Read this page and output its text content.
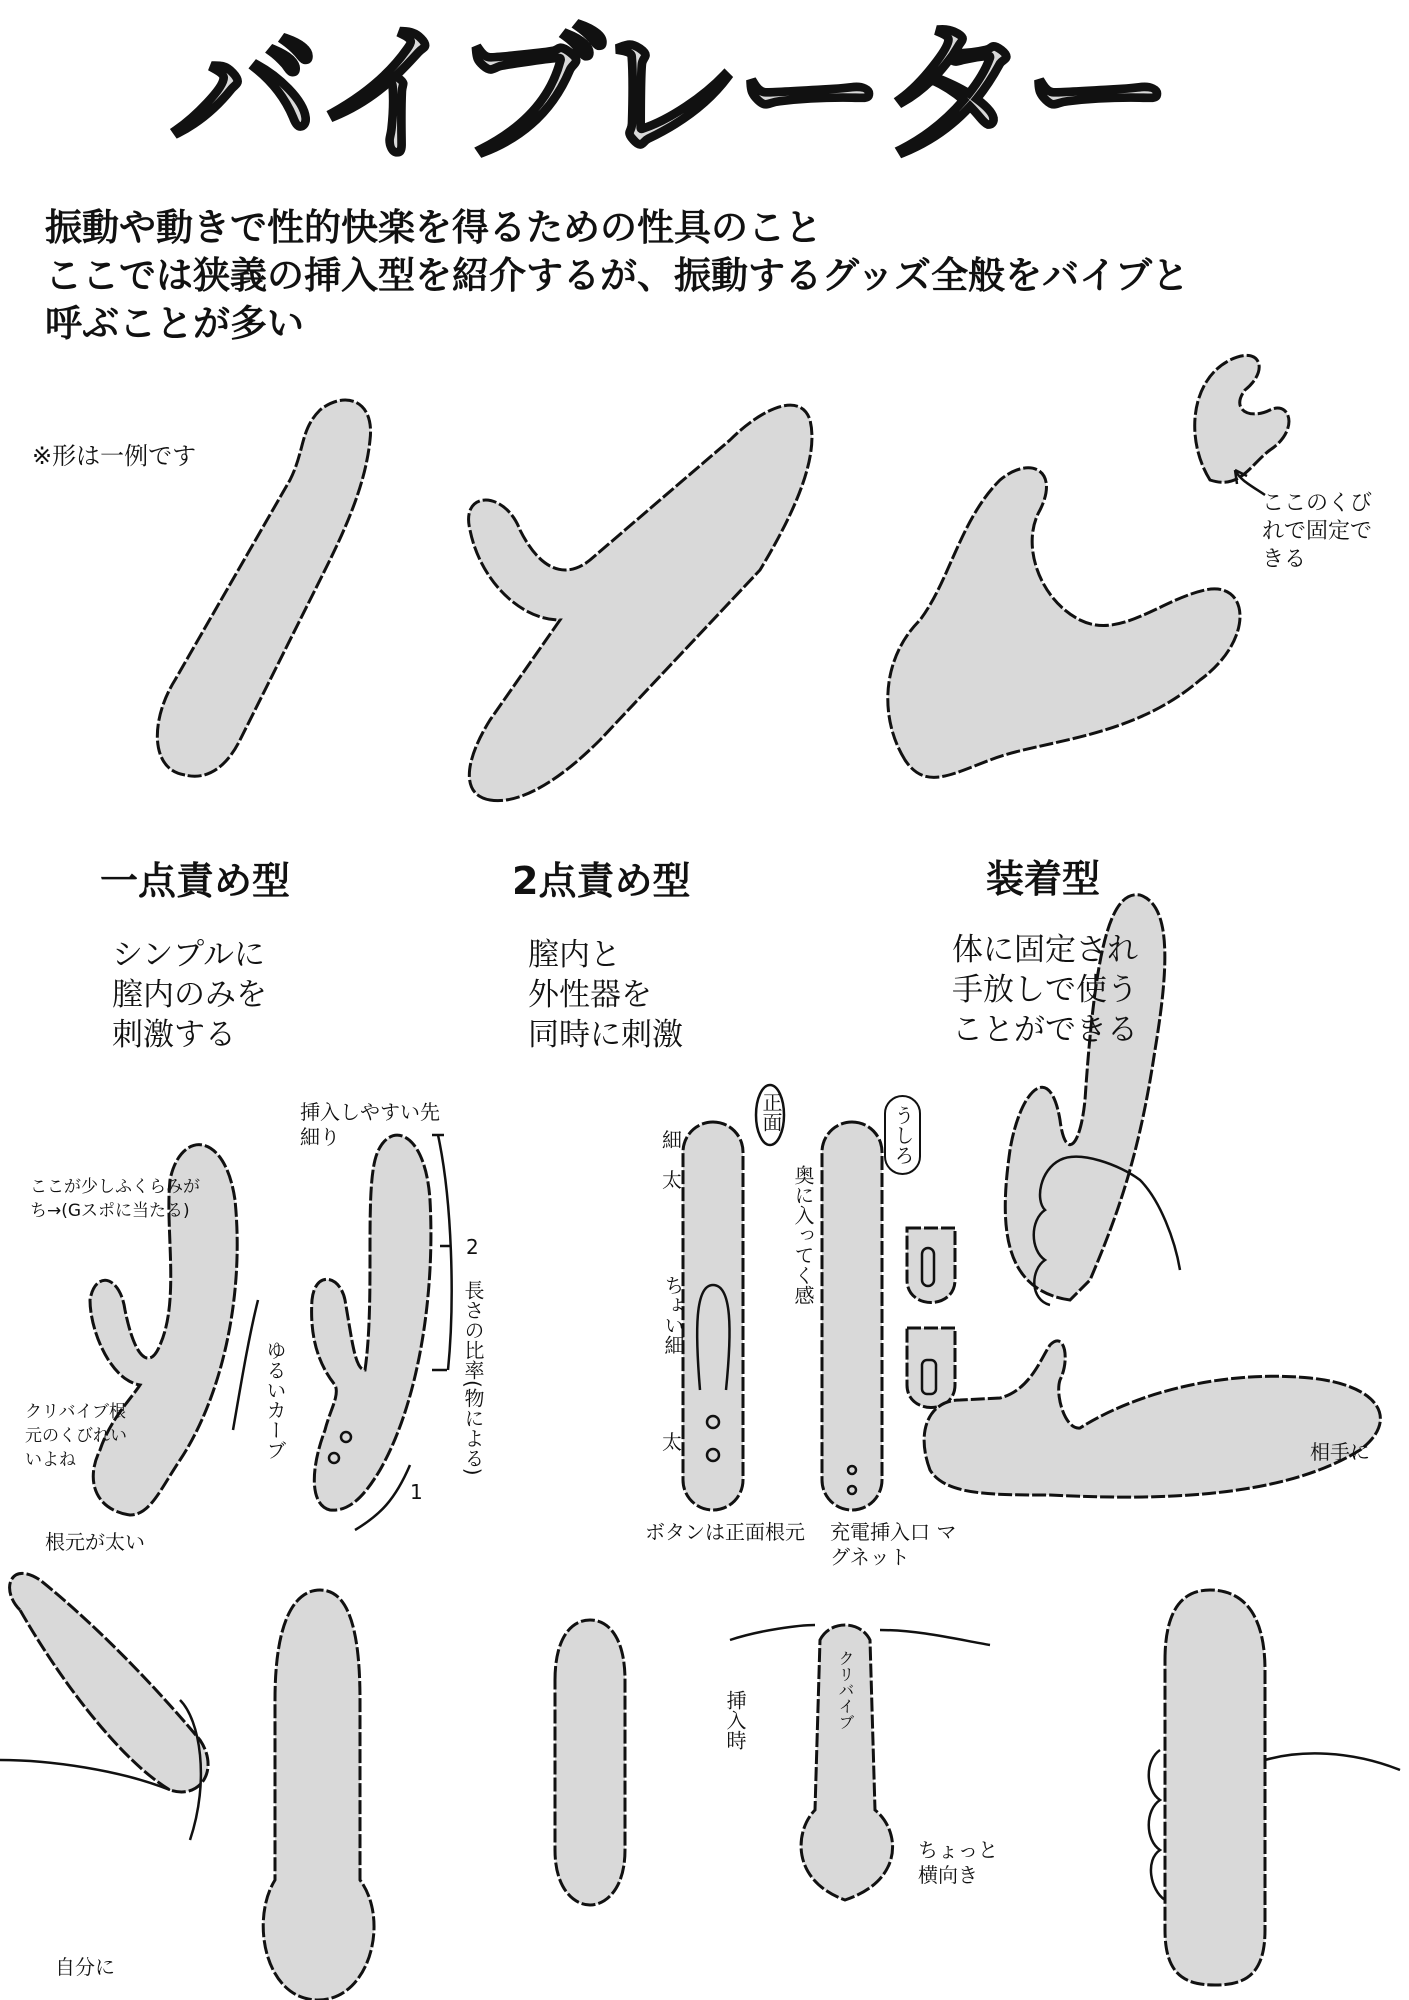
バイブレーター
振動や動きで性的快楽を得るための性具のこと
ここでは狭義の挿入型を紹介するが、振動するグッズ全般をバイブと
呼ぶことが多い
※形は一例です
ここのくびれで固定できる
一点責め型	2点責め型	装着型
シンプルに
膣内のみを
刺激する
膣内と
外性器を
同時に刺激
体に固定され
手放しで使う
ことができる
挿入しやすい先細り
ここが少しふくらみがち→(Gスポに当たる)
クリバイブ根元のくびれいいよね	ゆるいカーブ
2
1
長さの比率(物による)
細
太
ちょい細
太
正面	うしろ
奥に入ってく感
ボタンは正面根元 充電挿入口 マグネット
根元が太い
自分に
挿入時	クリバイブ
ちょっと横向き
相手に
